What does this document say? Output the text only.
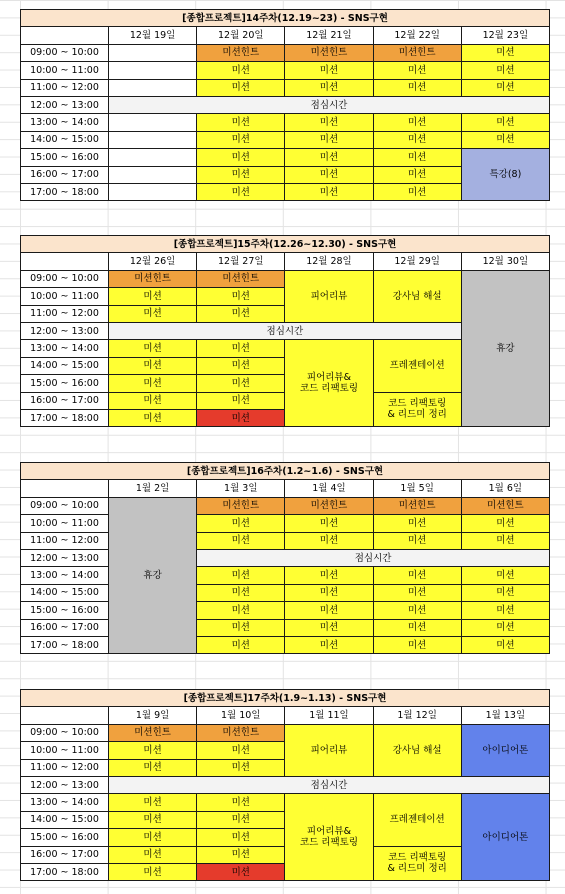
[종합프로젝트]14주차(12.19~23) - SNS구현					
	12월 19일	12월 20일	12월 21일	12월 22일	12월 23일
09:00 ~ 10:00		미션힌트	미션힌트	미션힌트	미션
10:00 ~ 11:00		미션	미션	미션	미션
11:00 ~ 12:00		미션	미션	미션	미션
12:00 ~ 13:00	점심시간				
13:00 ~ 14:00		미션	미션	미션	미션
14:00 ~ 15:00		미션	미션	미션	미션
15:00 ~ 16:00		미션	미션	미션	특강(8)
16:00 ~ 17:00		미션	미션	미션	
17:00 ~ 18:00		미션	미션	미션	
[종합프로젝트]15주차(12.26~12.30) - SNS구현					
	12월 26일	12월 27일	12월 28일	12월 29일	12월 30일
09:00 ~ 10:00	미션힌트	미션힌트	피어리뷰	강사님 해설	휴강
10:00 ~ 11:00	미션	미션			
11:00 ~ 12:00	미션	미션			
12:00 ~ 13:00	점심시간				
13:00 ~ 14:00	미션	미션	피어리뷰&
코드 리팩토링	프레젠테이션	
14:00 ~ 15:00	미션	미션			
15:00 ~ 16:00	미션	미션			
16:00 ~ 17:00	미션	미션		코드 리팩토링
& 리드미 정리	
17:00 ~ 18:00	미션	미션			
[종합프로젝트]16주차(1.2~1.6) - SNS구현					
	1월 2일	1월 3일	1월 4일	1월 5일	1월 6일
09:00 ~ 10:00	휴강	미션힌트	미션힌트	미션힌트	미션힌트
10:00 ~ 11:00		미션	미션	미션	미션
11:00 ~ 12:00		미션	미션	미션	미션
12:00 ~ 13:00		점심시간			
13:00 ~ 14:00		미션	미션	미션	미션
14:00 ~ 15:00		미션	미션	미션	미션
15:00 ~ 16:00		미션	미션	미션	미션
16:00 ~ 17:00		미션	미션	미션	미션
17:00 ~ 18:00		미션	미션	미션	미션
[종합프로젝트]17주차(1.9~1.13) - SNS구현					
	1월 9일	1월 10일	1월 11일	1월 12일	1월 13일
09:00 ~ 10:00	미션힌트	미션힌트	피어리뷰	강사님 해설	아이디어톤
10:00 ~ 11:00	미션	미션			
11:00 ~ 12:00	미션	미션			
12:00 ~ 13:00	점심시간				
13:00 ~ 14:00	미션	미션	피어리뷰&
코드 리팩토링	프레젠테이션	아이디어톤
14:00 ~ 15:00	미션	미션			
15:00 ~ 16:00	미션	미션			
16:00 ~ 17:00	미션	미션		코드 리팩토링
& 리드미 정리	
17:00 ~ 18:00	미션	미션			
